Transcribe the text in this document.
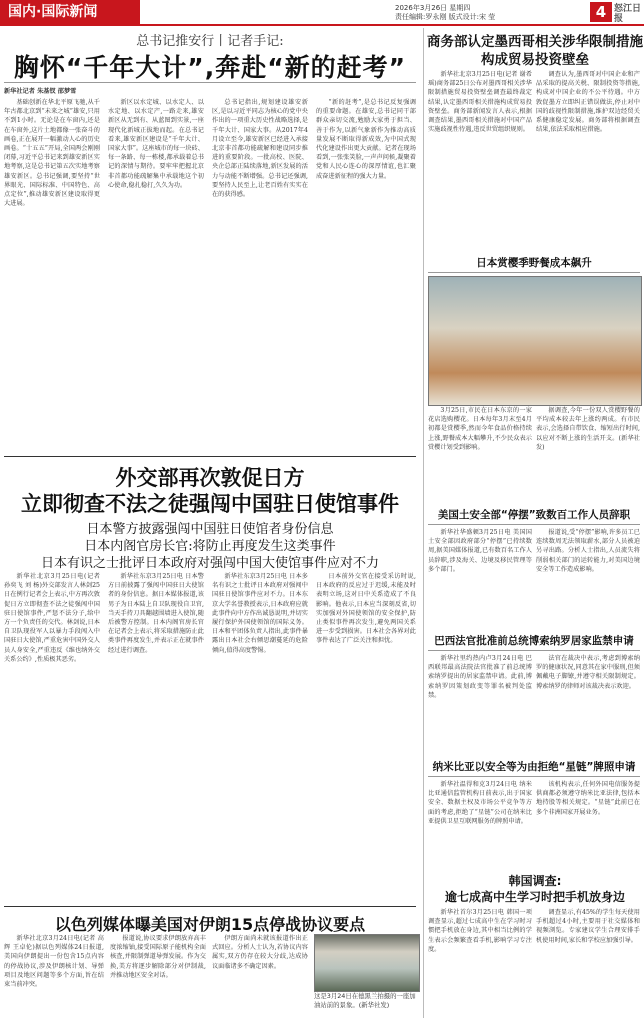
国内·国际新闻	2026年3月26日 星期四
责任编辑:罗永刚 版式设计:宋 莹	4 怒江日报
总书记推安行丨记者手记:
胸怀“千年大计”,奔赴“新的赶考”
新华社记者 朱基钗 邵梦雪

基础创新在华北平原飞驰,从千年古都北京到“未来之城”雄安,只用不到1小时。无论是在车窗内,还是在车窗外,这片土地都像一张奋斗的画卷,正在展开一幅激动人心的历史画卷。“十五五”开局,全国两会刚刚闭幕,习近平总书记来到雄安新区实地考察,这是总书记第五次实地考察雄安新区。总书记强调,要坚持“世界眼光、国际标准、中国特色、高点定位”,推动雄安新区建设取得更大进展。

新区以水定城、以水定人、以水定地、以水定产,一路走来,雄安新区从无到有、从蓝图到实景,一座现代化新城正拔地而起。在总书记看来,雄安新区建设是“千年大计、国家大事”。这座城市的每一块砖、每一条路、每一栋楼,都承载着总书记的深情与期待。要牢牢把握北京非首都功能疏解集中承载地这个初心使命,稳扎稳打,久久为功。

总书记指出,规划建设雄安新区,是以习近平同志为核心的党中央作出的一项重大历史性战略选择,是千年大计、国家大事。从2017年4月设立至今,雄安新区已经进入承接北京非首都功能疏解和建设同步推进的重要阶段。一批高校、医院、央企总部正陆续落地,新区发展的活力与动能不断增强。总书记还强调,要坚持人民至上,让老百姓有实实在在的获得感。

“新的赶考”,是总书记反复强调的重要命题。在雄安,总书记同干部群众亲切交流,勉励大家勇于担当、善于作为,以新气象新作为推动高质量发展不断取得新成效,为中国式现代化建设作出更大贡献。记者在现场看到,一张张笑脸,一声声问候,凝聚着党和人民心连心的深厚情谊,也汇聚成奋进新征程的强大力量。

外交部再次敦促日方
立即彻查不法之徒强闯中国驻日使馆事件
日本警方披露强闯中国驻日使馆者身份信息
日本内阁官房长官:将防止再度发生这类事件
日本有识之士批评日本政府对强闯中国大使馆事件应对不力

新华社北京3月25日电(记者 孙奕飞 刘 杨)外交部发言人林剑25日在例行记者会上表示,中方再次敦促日方立即彻查不法之徒强闯中国驻日使馆事件,严惩不法分子,给中方一个负责任的交代。林剑说,日本自卫队现役军人以暴力手段闯入中国驻日大使馆,严重危害中国外交人员人身安全,严重违反《维也纳外交关系公约》,性质极其恶劣。

新华社东京3月25日电 日本警方日前披露了强闯中国驻日大使馆者的身份信息。据日本媒体报道,该男子为日本陆上自卫队现役自卫官,当天手持刀具翻越围墙进入使馆,随后被警方控制。日本内阁官房长官在记者会上表示,将采取措施防止此类事件再度发生,并表示正在就事件经过进行调查。

新华社东京3月25日电 日本多名有识之士批评日本政府对强闯中国驻日使馆事件应对不力。日本东京大学名誉教授表示,日本政府应就此事件向中方作出诚恳说明,并切实履行保护外国使领馆的国际义务。日本和平团体负责人指出,此事件暴露出日本社会右倾思潮蔓延的危险倾向,值得高度警惕。

日本前外交官在接受采访时说,日本政府的反应过于迟缓,未能及时表明立场,这对日中关系造成了不良影响。他表示,日本应当深刻反省,切实加强对外国使领馆的安全保护,防止类似事件再次发生,避免两国关系进一步受到损害。日本社会各界对此事件表达了广泛关注和担忧。

以色列媒体曝美国对伊朗15点停战协议要点

新华社北京3月24日电(记者 高 辉 王卓伦)据以色列媒体24日报道,美国向伊朗提出一份包含15点内容的停战协议,涉及伊朗核计划、导弹项目及地区问题等多个方面,旨在结束当前冲突。

报道说,协议要求伊朗放弃高丰度浓缩铀,接受国际原子能机构全面核查,并限制弹道导弹发展。作为交换,美方将逐步解除部分对伊制裁,并推动地区安全对话。

伊朗方面尚未就该报道作出正式回应。分析人士认为,若协议内容属实,双方仍存在较大分歧,达成协议面临诸多不确定因素。

这是3月24日在德黑兰拍摄的一座加油站前的景象。(新华社发)
商务部认定墨西哥相关涉华限制措施
构成贸易投资壁垒

新华社北京3月25日电(记者 谢希瑶)商务部25日公布对墨西哥相关涉华限制措施贸易投资壁垒调查最终裁定结果,认定墨西哥相关措施构成贸易投资壁垒。商务部新闻发言人表示,根据调查结果,墨西哥相关措施对中国产品实施歧视性待遇,违反世贸组织规则。

调查认为,墨西哥对中国企业和产品采取的提高关税、限制投资等措施,构成对中国企业的不公平待遇。中方敦促墨方立即纠正错误做法,停止对中国的歧视性限制措施,维护双边经贸关系健康稳定发展。商务部将根据调查结果,依法采取相应措施。

日本赏樱季野餐成本飙升

3月25日,市民在日本东京的一家花店选购樱花。日本每年3月末至4月初都是赏樱季,然而今年食品价格持续上涨,野餐成本大幅攀升,不少民众表示赏樱计划受到影响。

据调查,今年一份双人赏樱野餐的平均成本较去年上涨约两成。有市民表示,会选择自带饮食、缩短出行时间,以应对不断上涨的生活开支。(新华社发)

美国土安全部“停摆”致数百工作人员辞职

新华社华盛顿3月25日电 美国国土安全部因政府部分“停摆”已持续数周,据美国媒体报道,已有数百名工作人员辞职,涉及海关、边境及移民管理等多个部门。

报道说,受“停摆”影响,许多员工已连续数周无法领取薪水,部分人员被迫另寻出路。分析人士指出,人员流失将削弱相关部门的运转能力,对美国边境安全等工作造成影响。

巴西法官批准前总统博索纳罗居家监禁申请

新华社里约热内卢3月24日电 巴西联邦最高法院法官批准了前总统博索纳罗提出的居家监禁申请。此前,博索纳罗因策划政变等罪名被判处监禁。

法官在裁决中表示,考虑到博索纳罗的健康状况,同意其在家中服刑,但须佩戴电子脚镣,并遵守相关限制规定。博索纳罗的律师对该裁决表示欢迎。

纳米比亚以安全等为由拒绝“星链”牌照申请

新华社温得和克3月24日电 纳米比亚通信监管机构日前表示,出于国家安全、数据主权及市场公平竞争等方面的考虑,拒绝了“星链”公司在纳米比亚提供卫星互联网服务的牌照申请。

该机构表示,任何外国电信服务提供商都必须遵守纳米比亚法律,包括本地持股等相关规定。“星链”此前已在多个非洲国家开展业务。

韩国调查:
逾七成高中生学习时把手机放身边

新华社首尔3月25日电 韩国一项调查显示,超过七成高中生在学习时习惯把手机放在身边,其中相当比例的学生表示会频繁查看手机,影响学习专注度。

调查显示,有45%的学生每天使用手机超过4小时,主要用于社交媒体和视频浏览。专家建议学生合理安排手机使用时间,家长和学校应加强引导。
